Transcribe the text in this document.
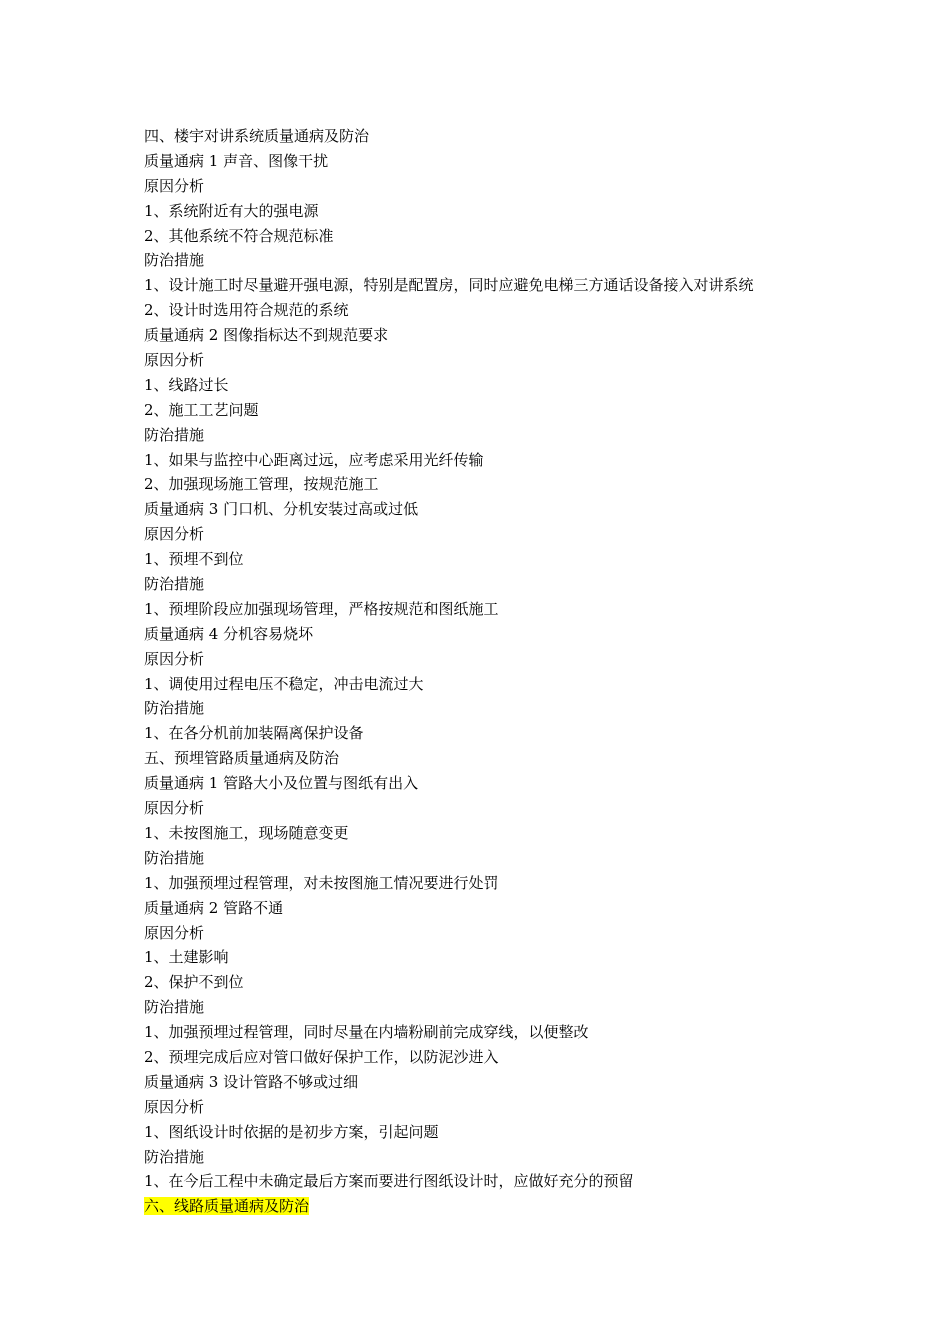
四、楼宇对讲系统质量通病及防治
质量通病 1 声音、图像干扰
原因分析
1、系统附近有大的强电源
2、其他系统不符合规范标准
防治措施
1、设计施工时尽量避开强电源，特别是配置房，同时应避免电梯三方通话设备接入对讲系统
2、设计时选用符合规范的系统
质量通病 2 图像指标达不到规范要求
原因分析
1、线路过长
2、施工工艺问题
防治措施
1、如果与监控中心距离过远，应考虑采用光纤传输
2、加强现场施工管理，按规范施工
质量通病 3 门口机、分机安装过高或过低
原因分析
1、预埋不到位
防治措施
1、预埋阶段应加强现场管理，严格按规范和图纸施工
质量通病 4 分机容易烧坏
原因分析
1、调使用过程电压不稳定，冲击电流过大
防治措施
1、在各分机前加装隔离保护设备
五、预埋管路质量通病及防治
质量通病 1 管路大小及位置与图纸有出入
原因分析
1、未按图施工，现场随意变更
防治措施
1、加强预埋过程管理，对未按图施工情况要进行处罚
质量通病 2 管路不通
原因分析
1、土建影响
2、保护不到位
防治措施
1、加强预埋过程管理，同时尽量在内墙粉刷前完成穿线，以便整改
2、预埋完成后应对管口做好保护工作，以防泥沙进入
质量通病 3 设计管路不够或过细
原因分析
1、图纸设计时依据的是初步方案，引起问题
防治措施
1、在今后工程中未确定最后方案而要进行图纸设计时，应做好充分的预留
六、线路质量通病及防治
